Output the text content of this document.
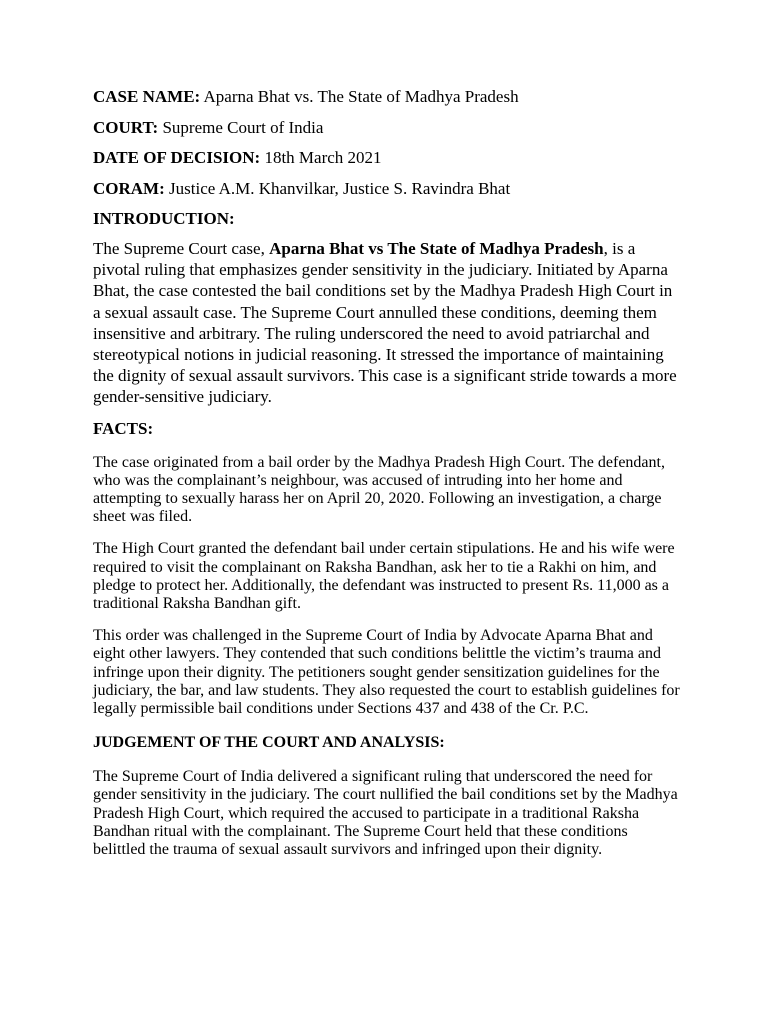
CASE NAME: Aparna Bhat vs. The State of Madhya Pradesh

COURT: Supreme Court of India

DATE OF DECISION: 18th March 2021

CORAM: Justice A.M. Khanvilkar, Justice S. Ravindra Bhat

INTRODUCTION:

The Supreme Court case, Aparna Bhat vs The State of Madhya Pradesh, is a pivotal ruling that emphasizes gender sensitivity in the judiciary. Initiated by Aparna Bhat, the case contested the bail conditions set by the Madhya Pradesh High Court in a sexual assault case. The Supreme Court annulled these conditions, deeming them insensitive and arbitrary. The ruling underscored the need to avoid patriarchal and stereotypical notions in judicial reasoning. It stressed the importance of maintaining the dignity of sexual assault survivors. This case is a significant stride towards a more gender-sensitive judiciary.

FACTS:

The case originated from a bail order by the Madhya Pradesh High Court. The defendant, who was the complainant’s neighbour, was accused of intruding into her home and attempting to sexually harass her on April 20, 2020. Following an investigation, a charge sheet was filed.

The High Court granted the defendant bail under certain stipulations. He and his wife were required to visit the complainant on Raksha Bandhan, ask her to tie a Rakhi on him, and pledge to protect her. Additionally, the defendant was instructed to present Rs. 11,000 as a traditional Raksha Bandhan gift.

This order was challenged in the Supreme Court of India by Advocate Aparna Bhat and eight other lawyers. They contended that such conditions belittle the victim’s trauma and infringe upon their dignity. The petitioners sought gender sensitization guidelines for the judiciary, the bar, and law students. They also requested the court to establish guidelines for legally permissible bail conditions under Sections 437 and 438 of the Cr. P.C.

JUDGEMENT OF THE COURT AND ANALYSIS:

The Supreme Court of India delivered a significant ruling that underscored the need for gender sensitivity in the judiciary. The court nullified the bail conditions set by the Madhya Pradesh High Court, which required the accused to participate in a traditional Raksha Bandhan ritual with the complainant. The Supreme Court held that these conditions belittled the trauma of sexual assault survivors and infringed upon their dignity.
